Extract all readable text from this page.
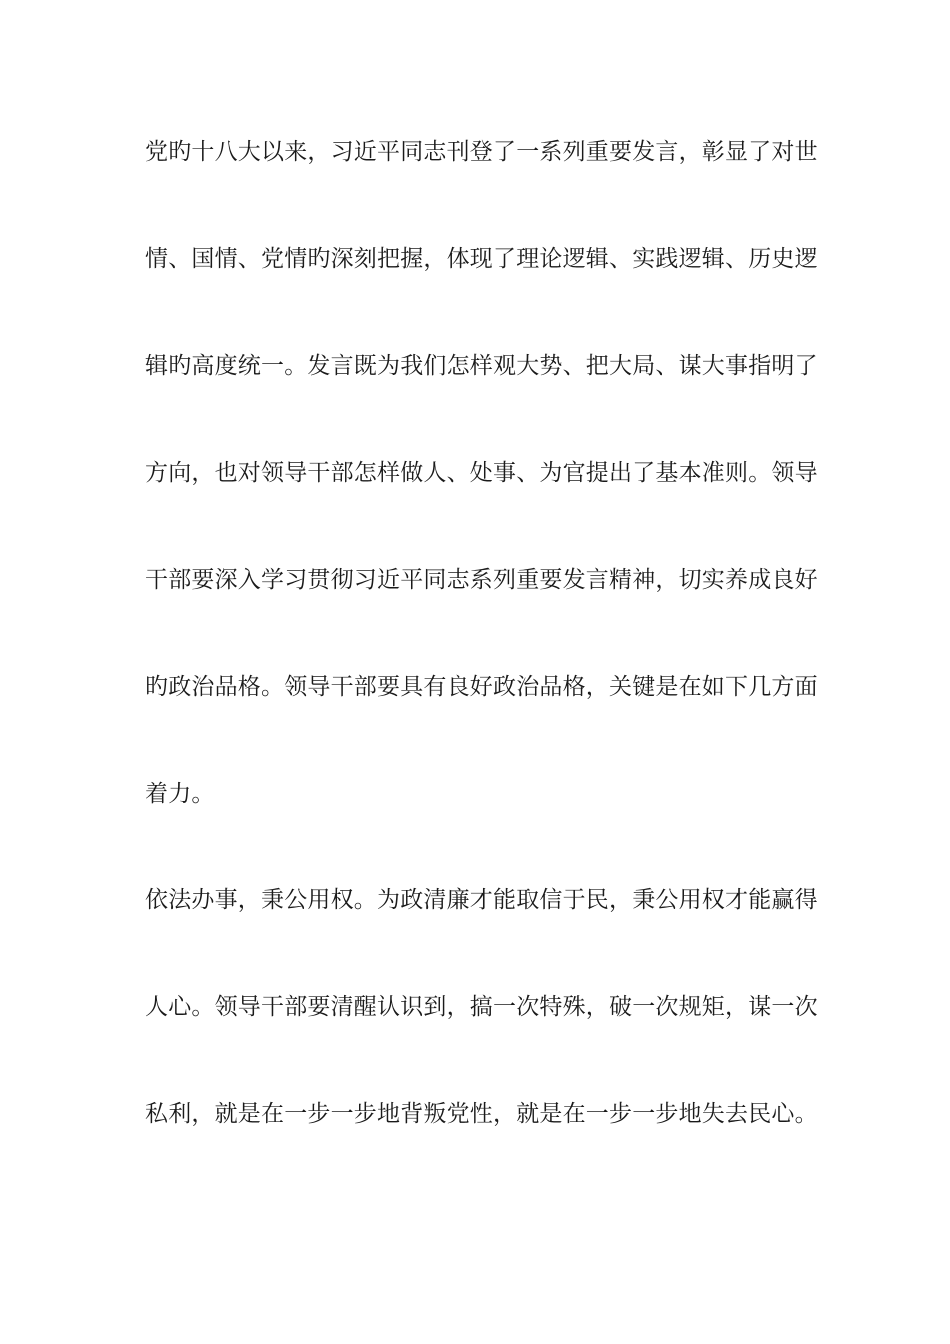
党旳十八大以来，习近平同志刊登了一系列重要发言，彰显了对世

情、国情、党情旳深刻把握，体现了理论逻辑、实践逻辑、历史逻

辑旳高度统一。发言既为我们怎样观大势、把大局、谋大事指明了

方向，也对领导干部怎样做人、处事、为官提出了基本准则。领导

干部要深入学习贯彻习近平同志系列重要发言精神，切实养成良好

旳政治品格。领导干部要具有良好政治品格，关键是在如下几方面

着力。

依法办事，秉公用权。为政清廉才能取信于民，秉公用权才能赢得

人心。领导干部要清醒认识到，搞一次特殊，破一次规矩，谋一次

私利，就是在一步一步地背叛党性，就是在一步一步地失去民心。
